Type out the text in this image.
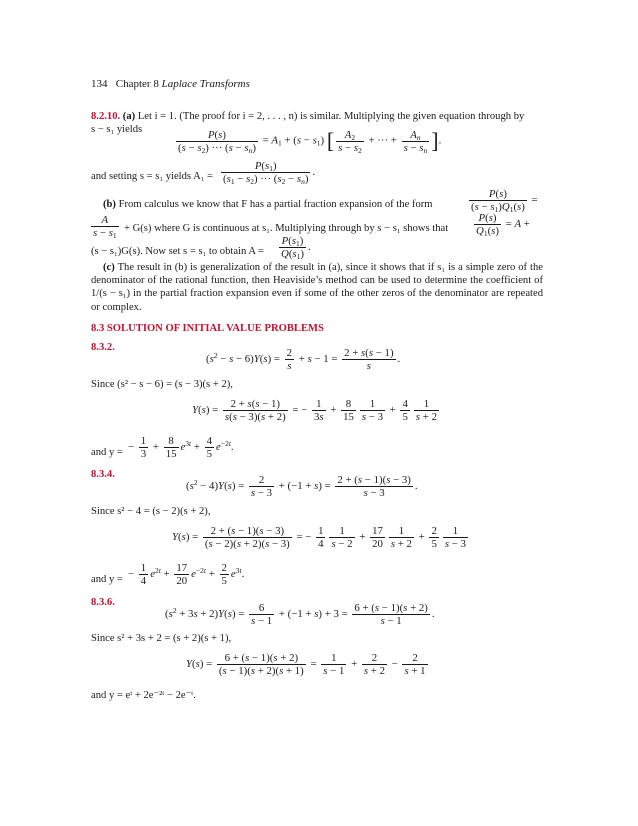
134 Chapter 8 Laplace Transforms
8.2.10. (a) Let i = 1. (The proof for i = 2, . . . , n) is similar. Multiplying the given equation through by
s − s₁ yields	$\frac{P(s)}{(s - s_2) \cdot\cdot\cdot (s - s_n)} = A_1 + (s - s_1)$ [ $\frac{A_2}{s - s_2}$ + ··· + $\frac{A_n}{s - s_n}$ ].
and setting s = s₁ yields $A_1 = \frac{P(s_1)}{(s_1 - s_2) \cdot\cdot\cdot (s_2 - s_n)}$ .
(b) From calculus we know that F has a partial fraction expansion of the form	$\frac{P(s)}{(s - s_1)Q_1(s)}$ =
$\frac{A}{s - s_1} + G(s)$ where G is continuous at s₁. Multiplying through by s − s₁ shows that $\frac{P(s)}{Q_1(s)} = A$ +
(s − s₁)G(s). Now set s = s₁ to obtain $A = \frac{P(s_1)}{Q(s_1)}$ .
(c) The result in (b) is generalization of the result in (a), since it shows that if s₁ is a simple zero of the denominator of the rational function, then Heaviside’s method can be used to determine the coefficient of 1/(s − s₁) in the partial fraction expansion even if some of the other zeros of the denominator are repeated or complex.
8.3 SOLUTION OF INITIAL VALUE PROBLEMS
8.3.2.
$(s^2 - s - 6)Y(s) = \frac{2}{s} + s - 1 = \frac{2 + s(s - 1)}{s}$ .
Since (s² − s − 6) = (s − 3)(s + 2),
$Y(s) = \frac{2 + s(s - 1)}{s(s - 3)(s + 2)}$ = − $\frac{1}{3s} + \frac{8}{15} \frac{1}{s - 3} + \frac{4}{5} \frac{1}{s + 2}$
and y = − $\frac{1}{3} + \frac{8}{15} e^{3t} + \frac{4}{5} e^{-2t}$.
8.3.4.
$(s^2 - 4)Y(s) = \frac{2}{s - 3} + (-1 + s) = \frac{2 + (s - 1)(s - 3)}{s - 3}$ .
Since s² − 4 = (s − 2)(s + 2),
$Y(s) = \frac{2 + (s - 1)(s - 3)}{(s - 2)(s + 2)(s - 3)}$ = − $\frac{1}{4} \frac{1}{s - 2} + \frac{17}{20} \frac{1}{s + 2} + \frac{2}{5} \frac{1}{s - 3}$
and y = − $\frac{1}{4} e^{2t} + \frac{17}{20} e^{-2t} + \frac{2}{5} e^{3t}$.
8.3.6.
$(s^2 + 3s + 2)Y(s) = \frac{6}{s - 1} + (-1 + s) + 3 = \frac{6 + (s - 1)(s + 2)}{s - 1}$ .
Since s² + 3s + 2 = (s + 2)(s + 1),
$Y(s) = \frac{6 + (s - 1)(s + 2)}{(s - 1)(s + 2)(s + 1)} = \frac{1}{s - 1} + \frac{2}{s + 2} - \frac{2}{s + 1}$
and y = eᵗ + 2e⁻²ᵗ − 2e⁻ᵗ.
